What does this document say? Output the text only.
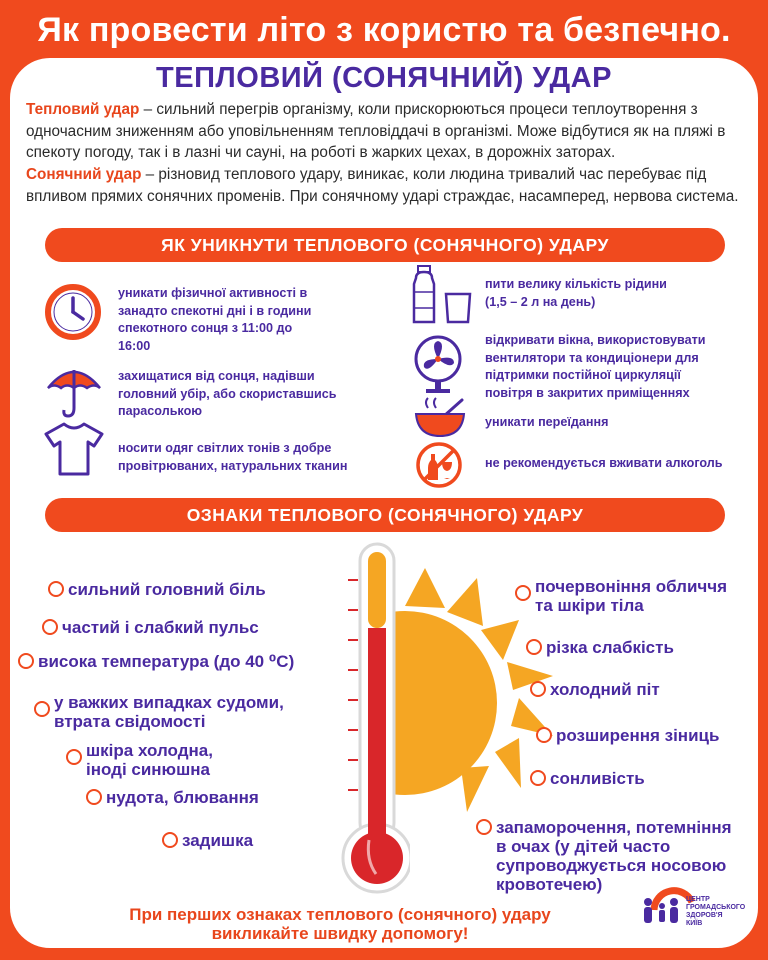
Як провести літо з користю та безпечно.
ТЕПЛОВИЙ (СОНЯЧНИЙ) УДАР
Тепловий удар – сильний перегрів організму, коли прискорюються процеси теплоутворення з одночасним зниженням або уповільненням тепловіддачі в організмі. Може відбутися як на пляжі в спекоту погоду, так і в лазні чи сауні, на роботі в жарких цехах, в дорожніх заторах.
Сонячний удар – різновид теплового удару, виникає, коли людина тривалий час перебуває під впливом прямих сонячних променів. При сонячному ударі страждає, насамперед, нервова система.
ЯК УНИКНУТИ ТЕПЛОВОГО (СОНЯЧНОГО) УДАРУ
уникати фізичної активності в занадто спекотні дні і в години спекотного сонця з 11:00 до 16:00
захищатися від сонця, надівши головний убір, або скориставшись парасолькою
носити одяг світлих тонів з добре провітрюваних, натуральних тканин
пити велику кількість рідини (1,5 – 2 л на день)
відкривати вікна, використовувати вентилятори та кондиціонери для підтримки постійної циркуляції повітря в закритих приміщеннях
уникати переїдання
не рекомендується вживати алкоголь
ОЗНАКИ ТЕПЛОВОГО (СОНЯЧНОГО) УДАРУ
сильний головний біль
частий і слабкий пульс
висока температура (до 40 ⁰С)
у важких випадках судоми,
втрата свідомості
шкіра холодна,
іноді синюшна
нудота, блювання
задишка
почервоніння обличчя
та шкіри тіла
різка слабкість
холодний піт
розширення зіниць
сонливість
запаморочення, потемніння
в очах (у дітей часто
супроводжується носовою
кровотечею)
При перших ознаках теплового (сонячного) удару
викликайте швидку допомогу!
ЦЕНТР
ГРОМАДСЬКОГО
ЗДОРОВ'Я
КИЇВ
